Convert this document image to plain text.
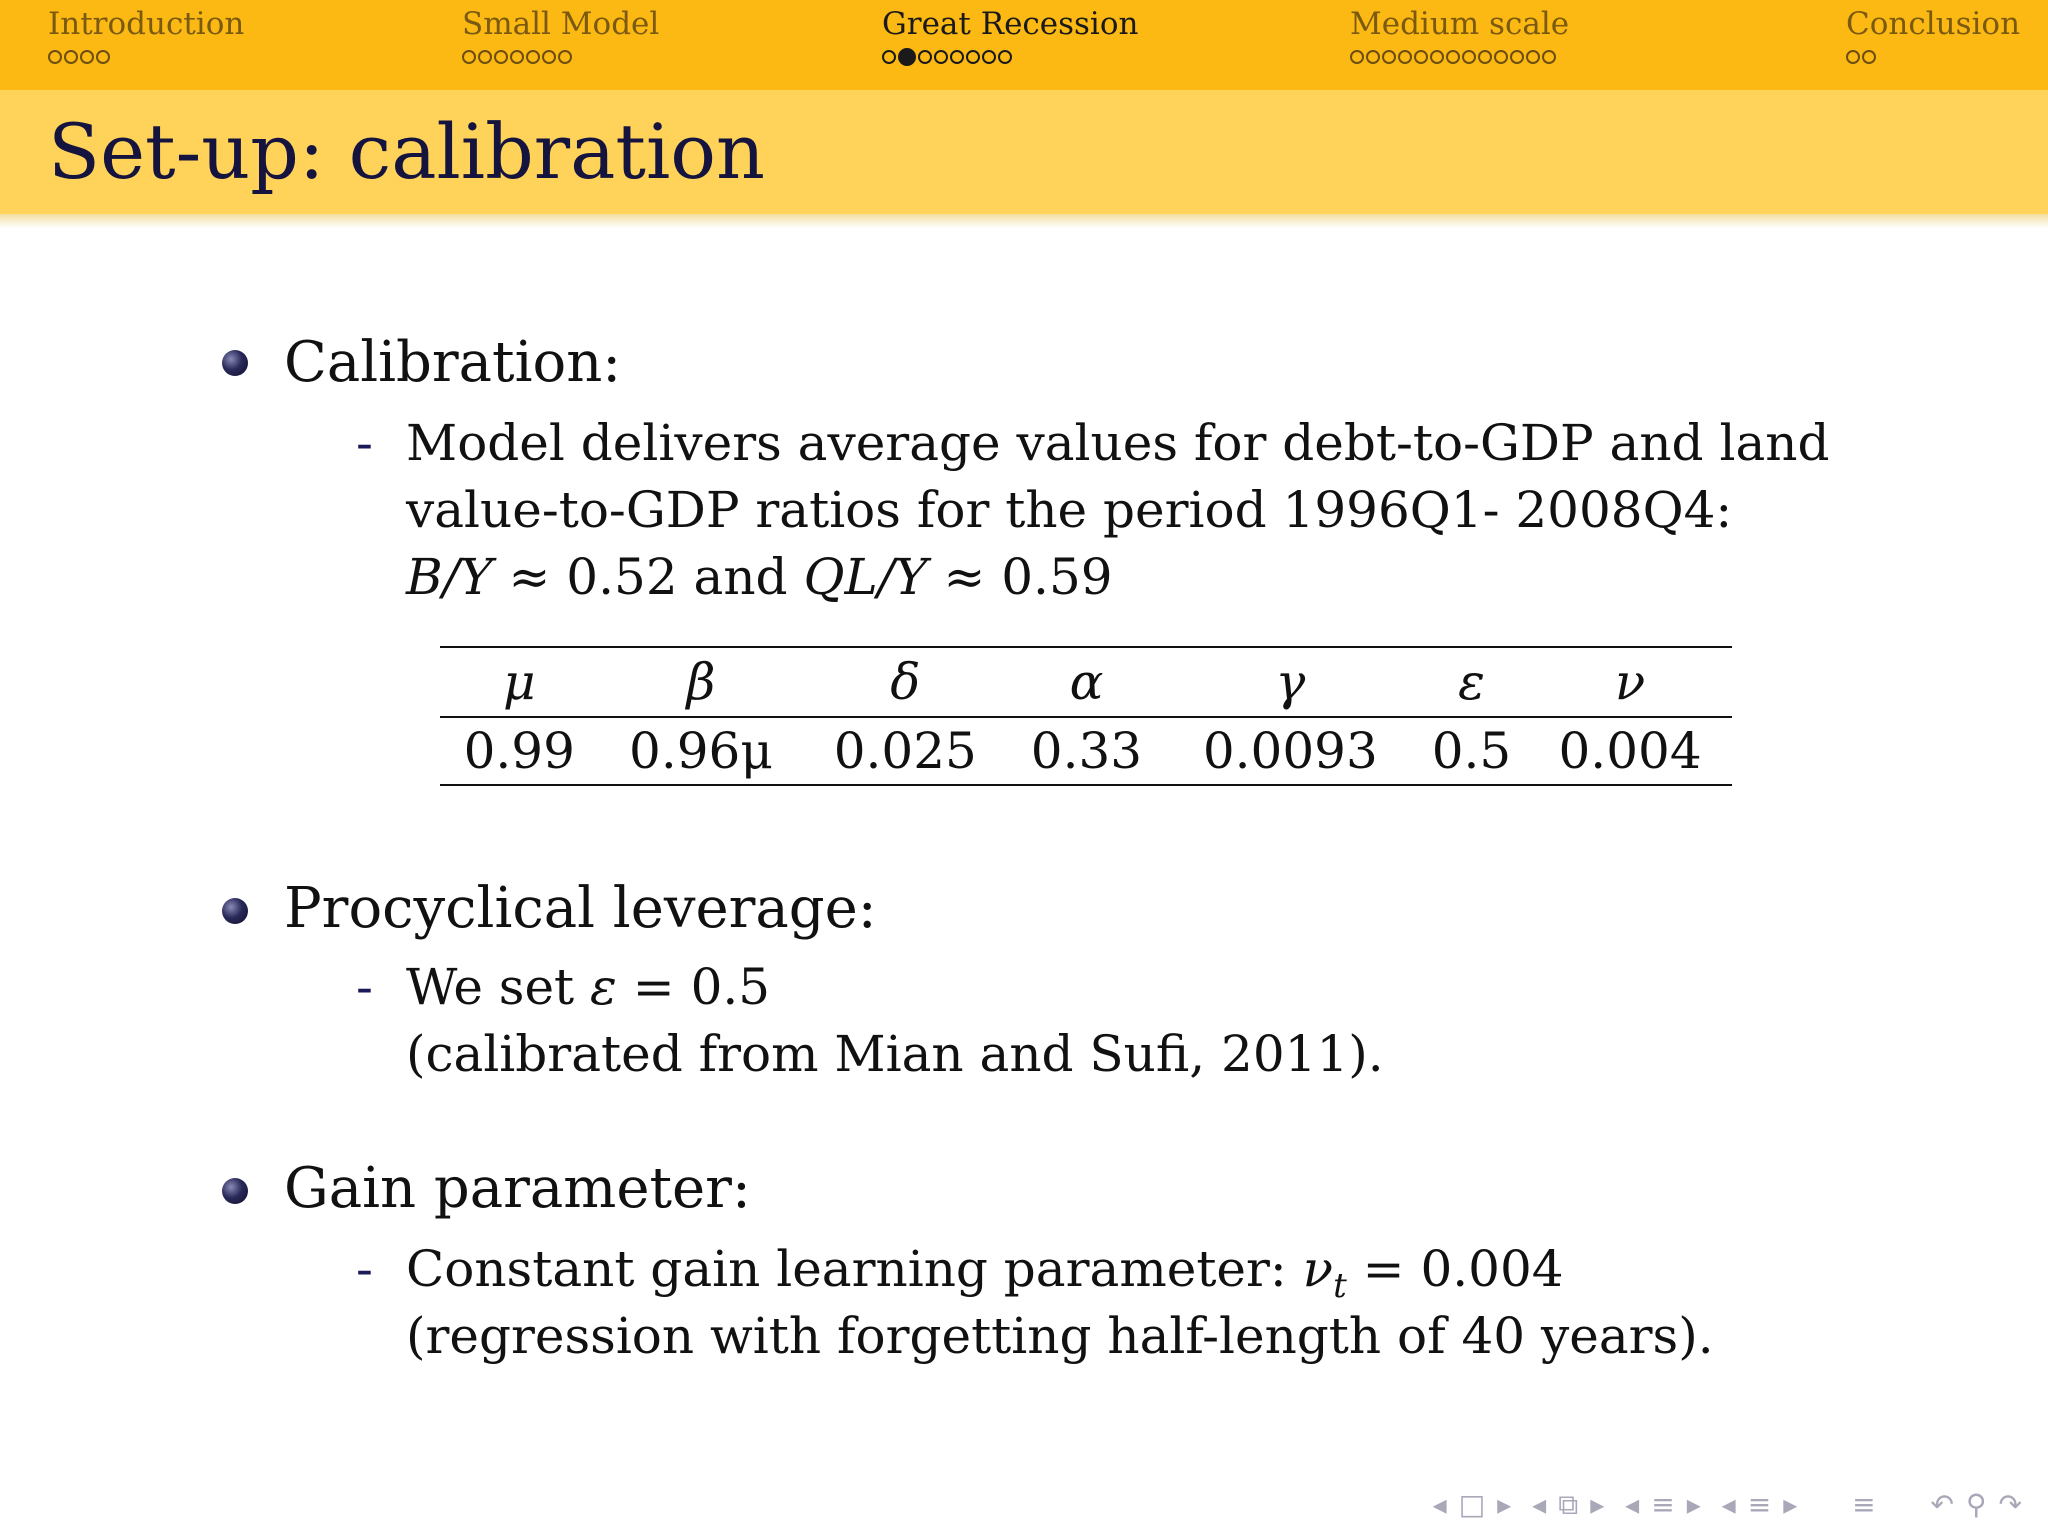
Introduction	Small Model	Great Recession	Medium scale	Conclusion
Set-up: calibration
Calibration:
- Model delivers average values for debt-to-GDP and land
value-to-GDP ratios for the period 1996Q1- 2008Q4:
B/Y ≈ 0.52 and QL/Y ≈ 0.59
μ	β	δ	α	γ	ε	ν
0.99	0.96μ	0.025	0.33	0.0093	0.5	0.004
Procyclical leverage:
- We set ε = 0.5
(calibrated from Mian and Sufi, 2011).
Gain parameter:
- Constant gain learning parameter: $\nu_t = 0.004$
(regression with forgetting half-length of 40 years).
◂ □ ▸ ◂ ⧉ ▸ ◂ ≡ ▸ ◂ ≡ ▸ ≡ ↶ ⚲ ↷
